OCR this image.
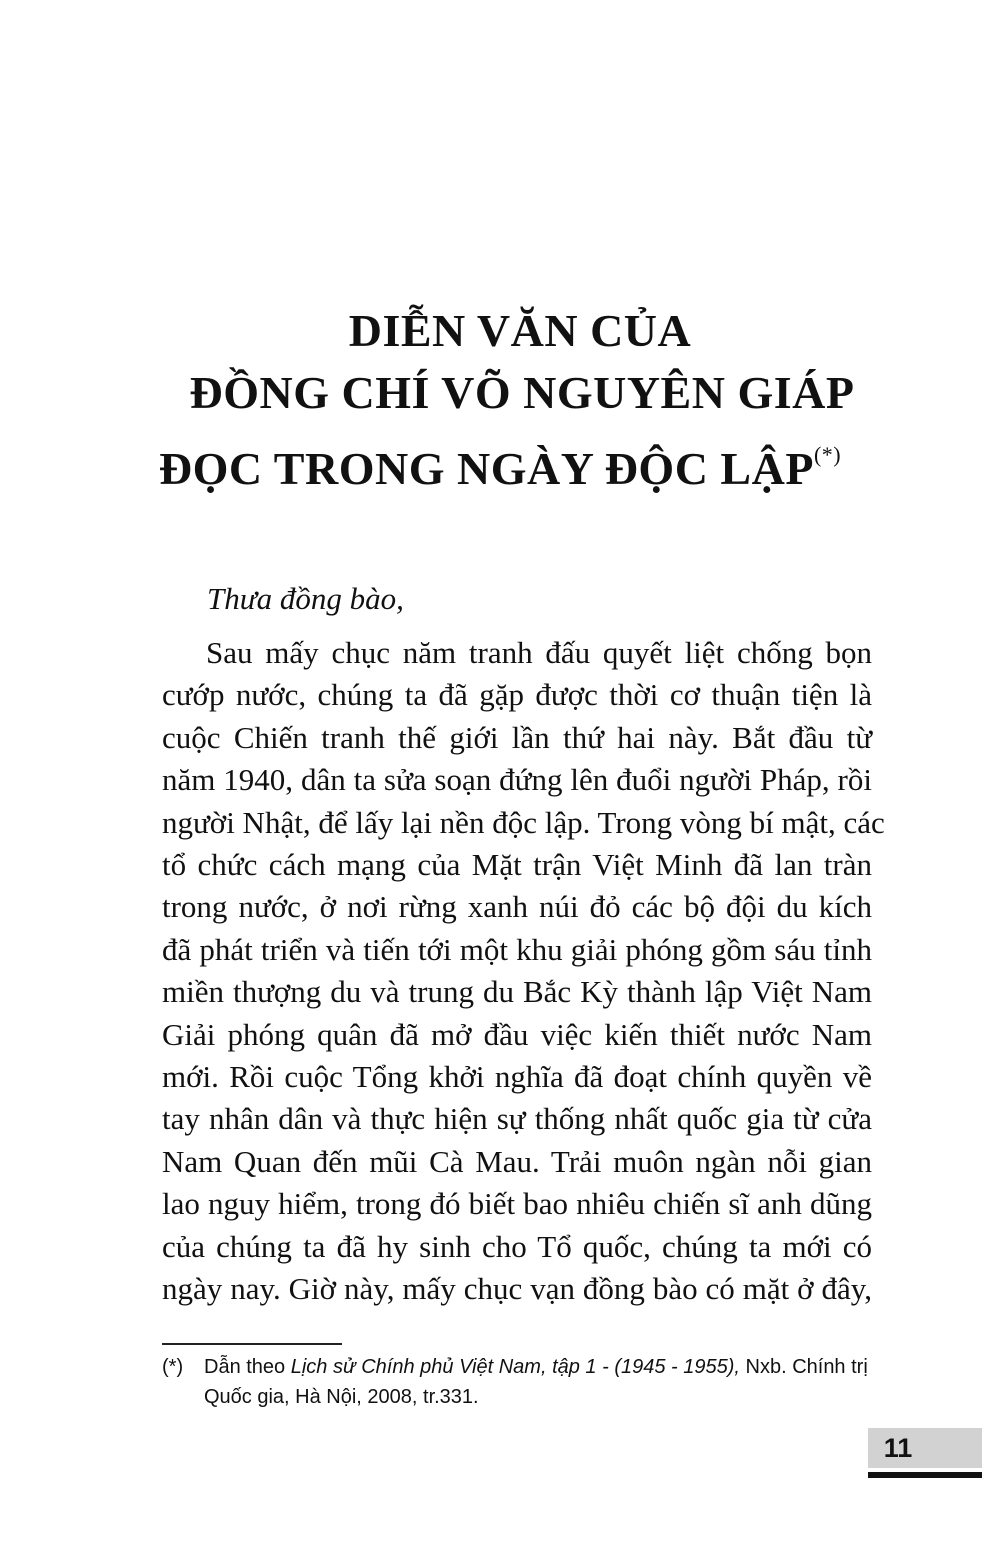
DIỄN VĂN CỦA
ĐỒNG CHÍ VÕ NGUYÊN GIÁP
ĐỌC TRONG NGÀY ĐỘC LẬP(*)
Thưa đồng bào,
Sau mấy chục năm tranh đấu quyết liệt chống bọn
cướp nước, chúng ta đã gặp được thời cơ thuận tiện là
cuộc Chiến tranh thế giới lần thứ hai này. Bắt đầu từ
năm 1940, dân ta sửa soạn đứng lên đuổi người Pháp, rồi
người Nhật, để lấy lại nền độc lập. Trong vòng bí mật, các
tổ chức cách mạng của Mặt trận Việt Minh đã lan tràn
trong nước, ở nơi rừng xanh núi đỏ các bộ đội du kích
đã phát triển và tiến tới một khu giải phóng gồm sáu tỉnh
miền thượng du và trung du Bắc Kỳ thành lập Việt Nam
Giải phóng quân đã mở đầu việc kiến thiết nước Nam
mới. Rồi cuộc Tổng khởi nghĩa đã đoạt chính quyền về
tay nhân dân và thực hiện sự thống nhất quốc gia từ cửa
Nam Quan đến mũi Cà Mau. Trải muôn ngàn nỗi gian
lao nguy hiểm, trong đó biết bao nhiêu chiến sĩ anh dũng
của chúng ta đã hy sinh cho Tổ quốc, chúng ta mới có
ngày nay. Giờ này, mấy chục vạn đồng bào có mặt ở đây,
(*) Dẫn theo Lịch sử Chính phủ Việt Nam, tập 1 - (1945 - 1955), Nxb. Chính trị
Quốc gia, Hà Nội, 2008, tr.331.
11
